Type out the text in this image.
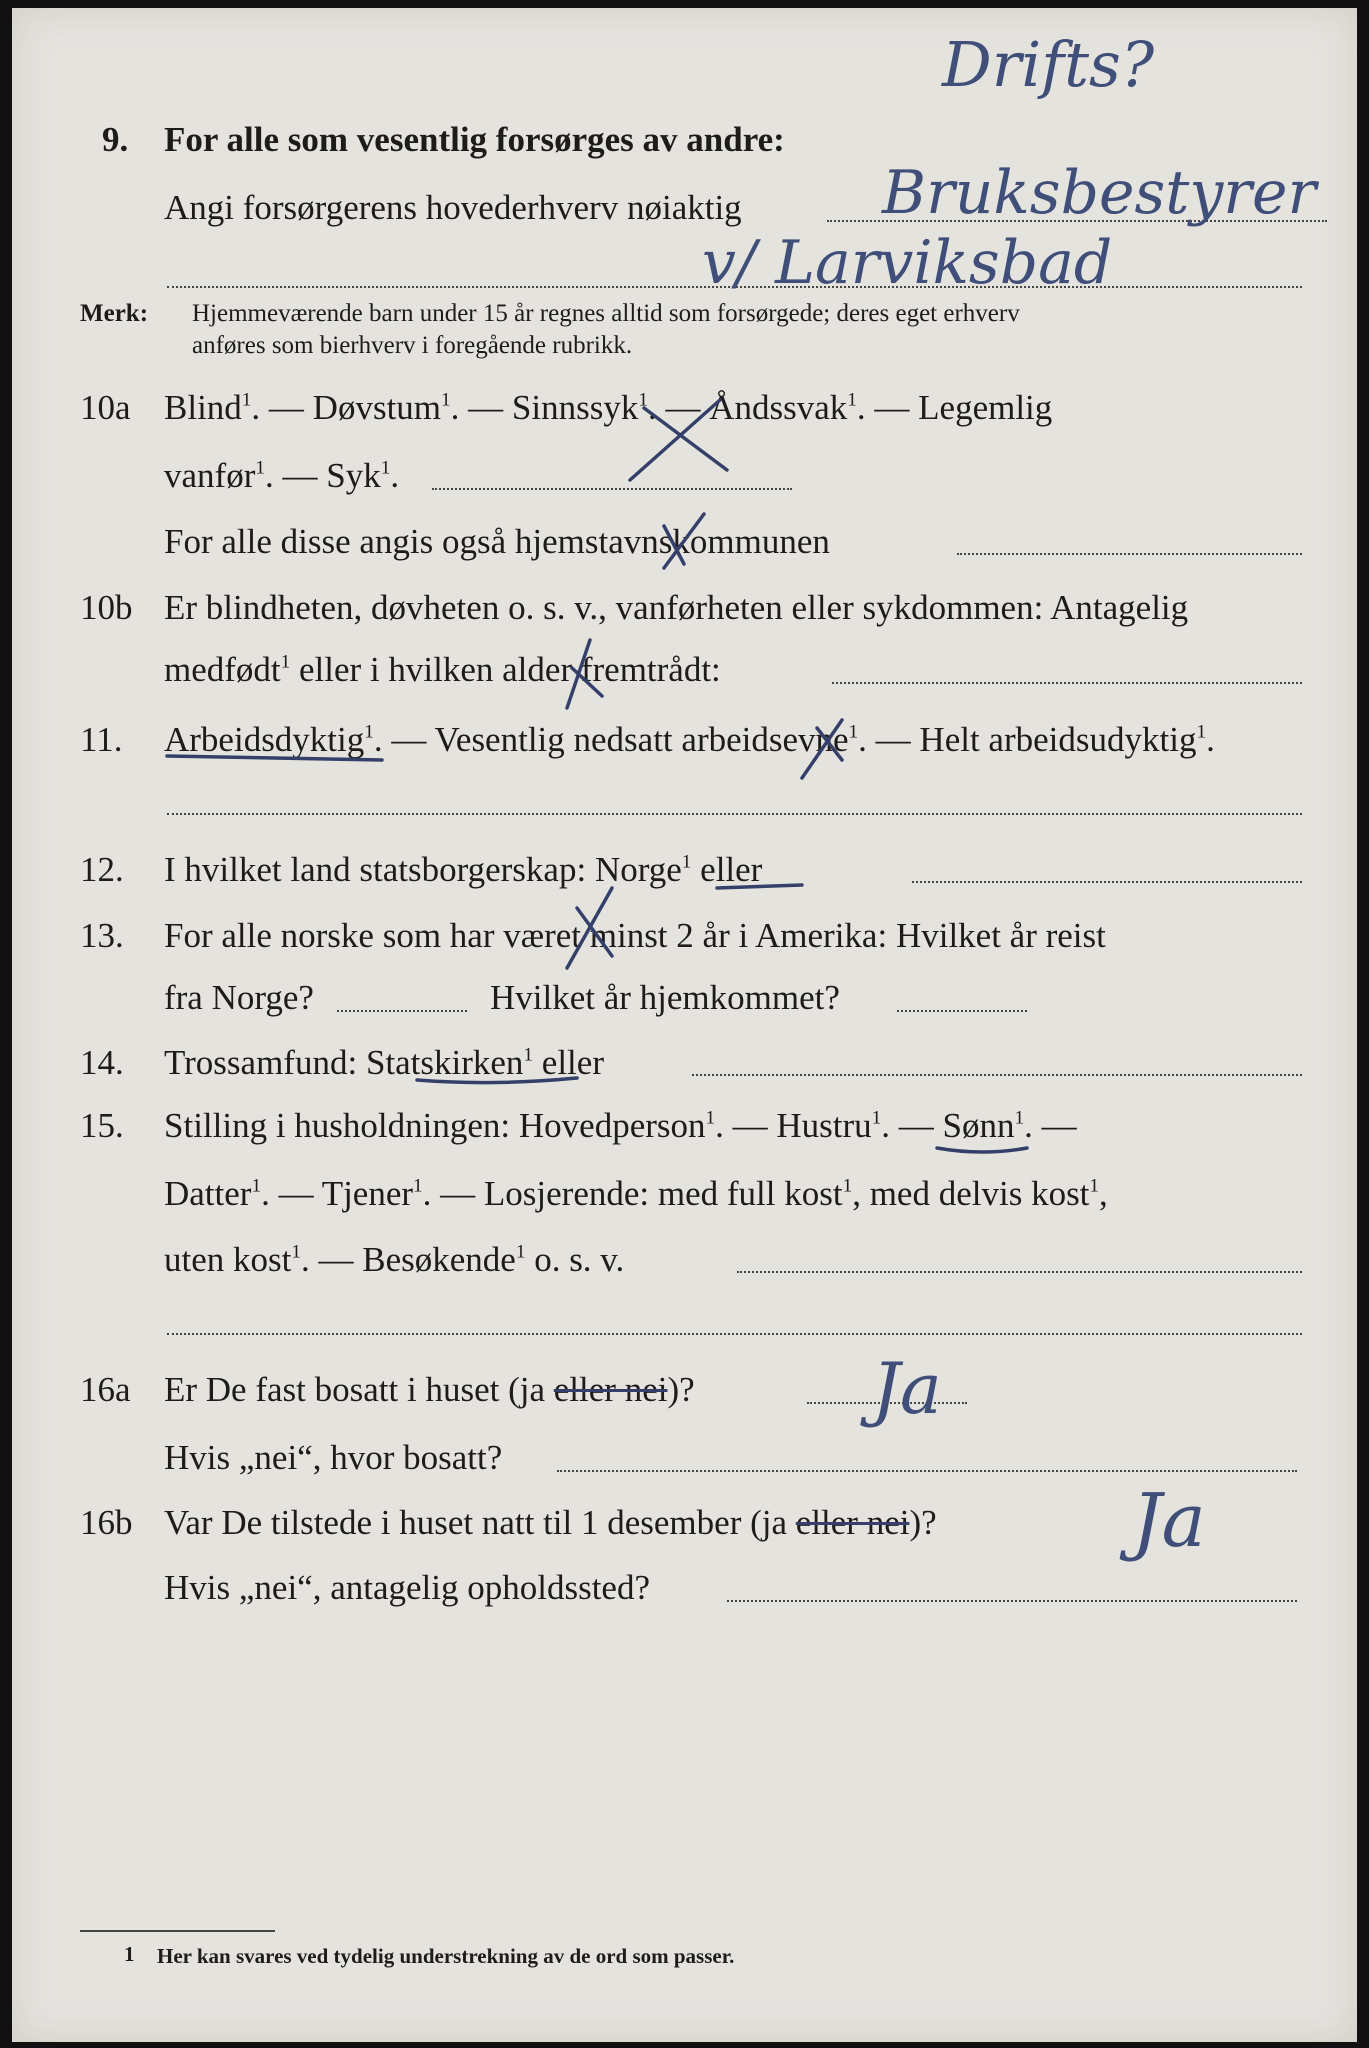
9. For alle som vesentlig forsørges av andre:
Angi forsørgerens hovederhverv nøiaktig
Drifts?
Bruksbestyrer
v/ Larviksbad
Merk: Hjemmeværende barn under 15 år regnes alltid som forsørgede; deres eget erhverv
anføres som bierhverv i foregående rubrikk.
10a Blind$^1$. — Døvstum$^1$. — Sinnssyk$^1$. — Åndssvak$^1$. — Legemlig
vanfør$^1$. — Syk$^1$.
For alle disse angis også hjemstavnskommunen
10b Er blindheten, døvheten o. s. v., vanførheten eller sykdommen: Antagelig
medfødt$^1$ eller i hvilken alder fremtrådt:
11. Arbeidsdyktig$^1$. — Vesentlig nedsatt arbeidsevne$^1$. — Helt arbeidsudyktig$^1$.
12. I hvilket land statsborgerskap: Norge$^1$ eller
13. For alle norske som har været minst 2 år i Amerika: Hvilket år reist
fra Norge?	Hvilket år hjemkommet?
14. Trossamfund: Statskirken$^1$ eller
15. Stilling i husholdningen: Hovedperson$^1$. — Hustru$^1$. — Sønn$^1$. —
Datter$^1$. — Tjener$^1$. — Losjerende: med full kost$^1$, med delvis kost$^1$,
uten kost$^1$. — Besøkende$^1$ o. s. v.
16a Er De fast bosatt i huset (ja eller nei)?	Ja
Hvis „nei“, hvor bosatt?
16b Var De tilstede i huset natt til 1 desember (ja eller nei)?	Ja
Hvis „nei“, antagelig opholdssted?
1 Her kan svares ved tydelig understrekning av de ord som passer.
